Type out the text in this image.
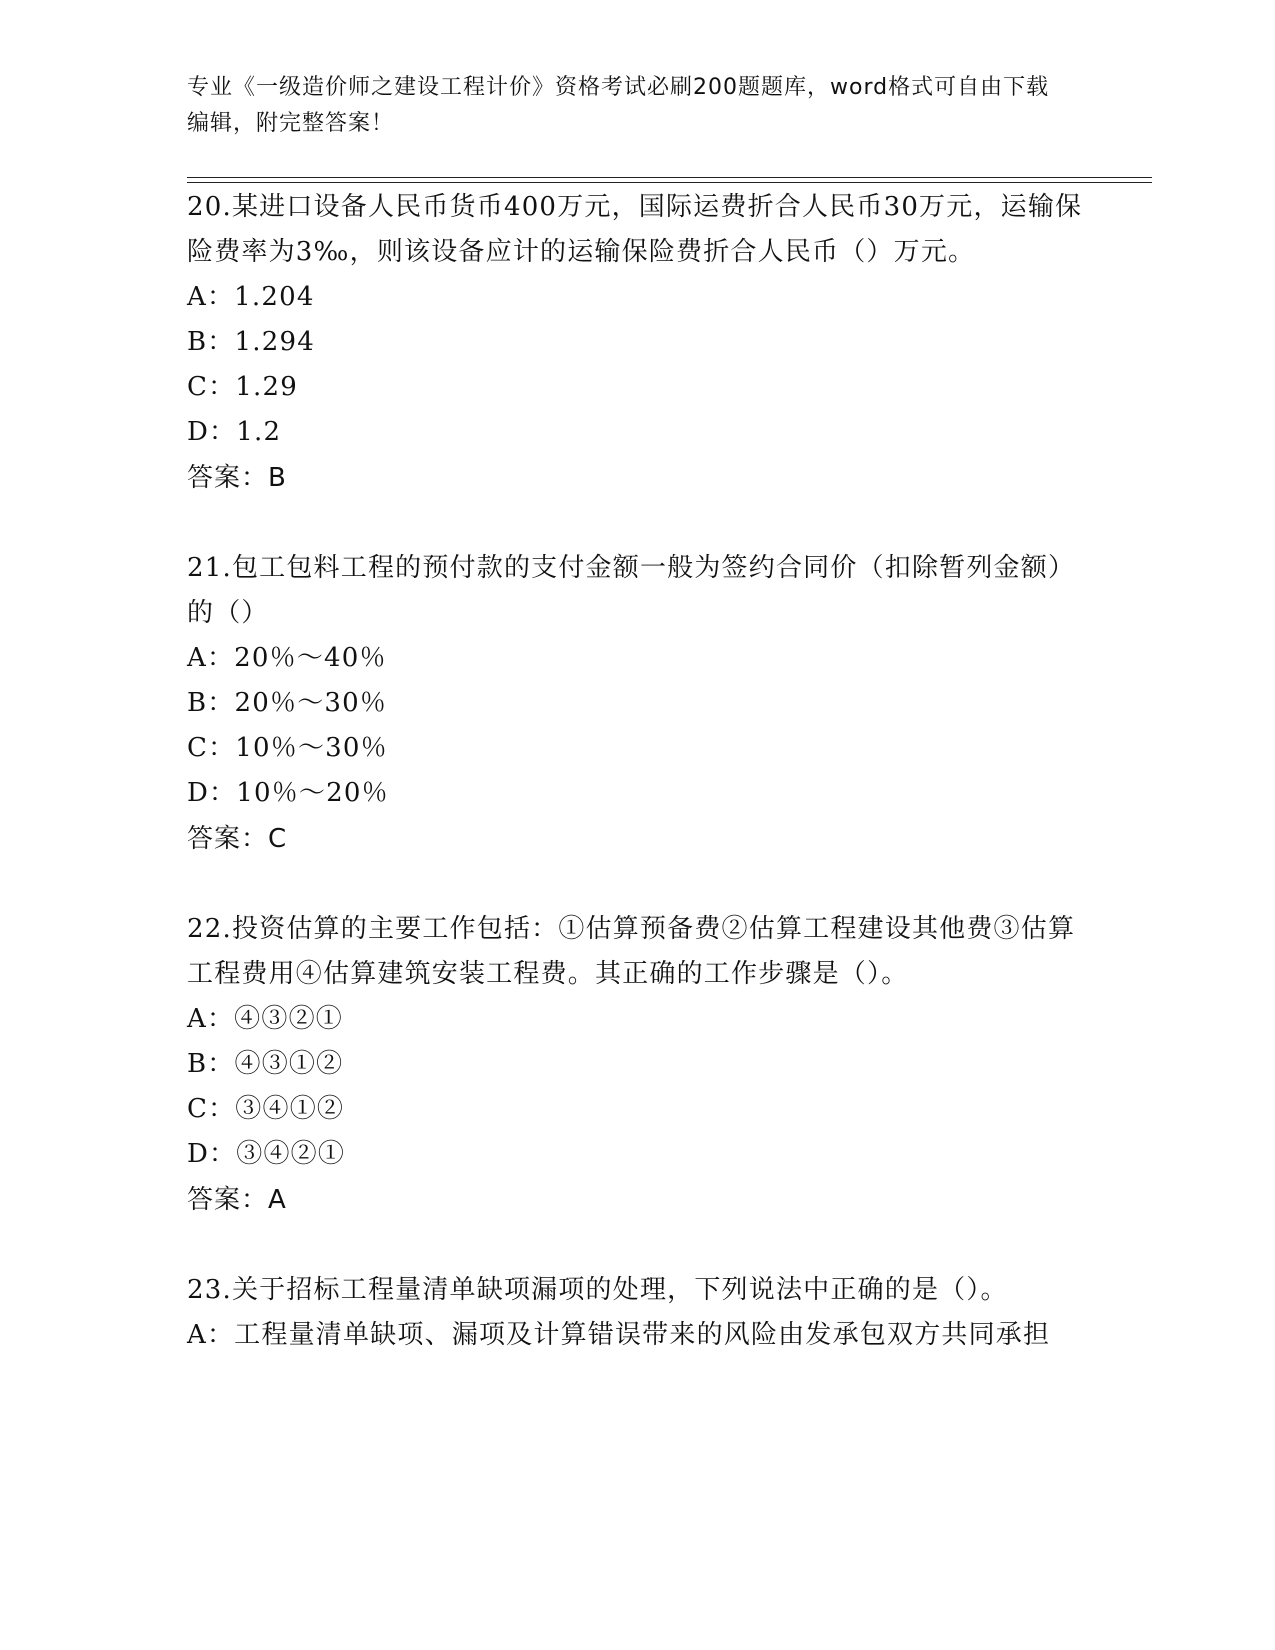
专业《一级造价师之建设工程计价》资格考试必刷200题题库，word格式可自由下载编辑，附完整答案！

20.某进口设备人民币货币400万元，国际运费折合人民币30万元，运输保险费率为3‰，则该设备应计的运输保险费折合人民币（）万元。

A：1.204

B：1.294

C：1.29

D：1.2

答案：B

21.包工包料工程的预付款的支付金额一般为签约合同价（扣除暂列金额）的（）

A：20％～40％

B：20％～30％

C：10％～30％

D：10％～20％

答案：C

22.投资估算的主要工作包括：①估算预备费②估算工程建设其他费③估算工程费用④估算建筑安装工程费。其正确的工作步骤是（）。

A：④③②①

B：④③①②

C：③④①②

D：③④②①

答案：A

23.关于招标工程量清单缺项漏项的处理，下列说法中正确的是（）。

A：工程量清单缺项、漏项及计算错误带来的风险由发承包双方共同承担
